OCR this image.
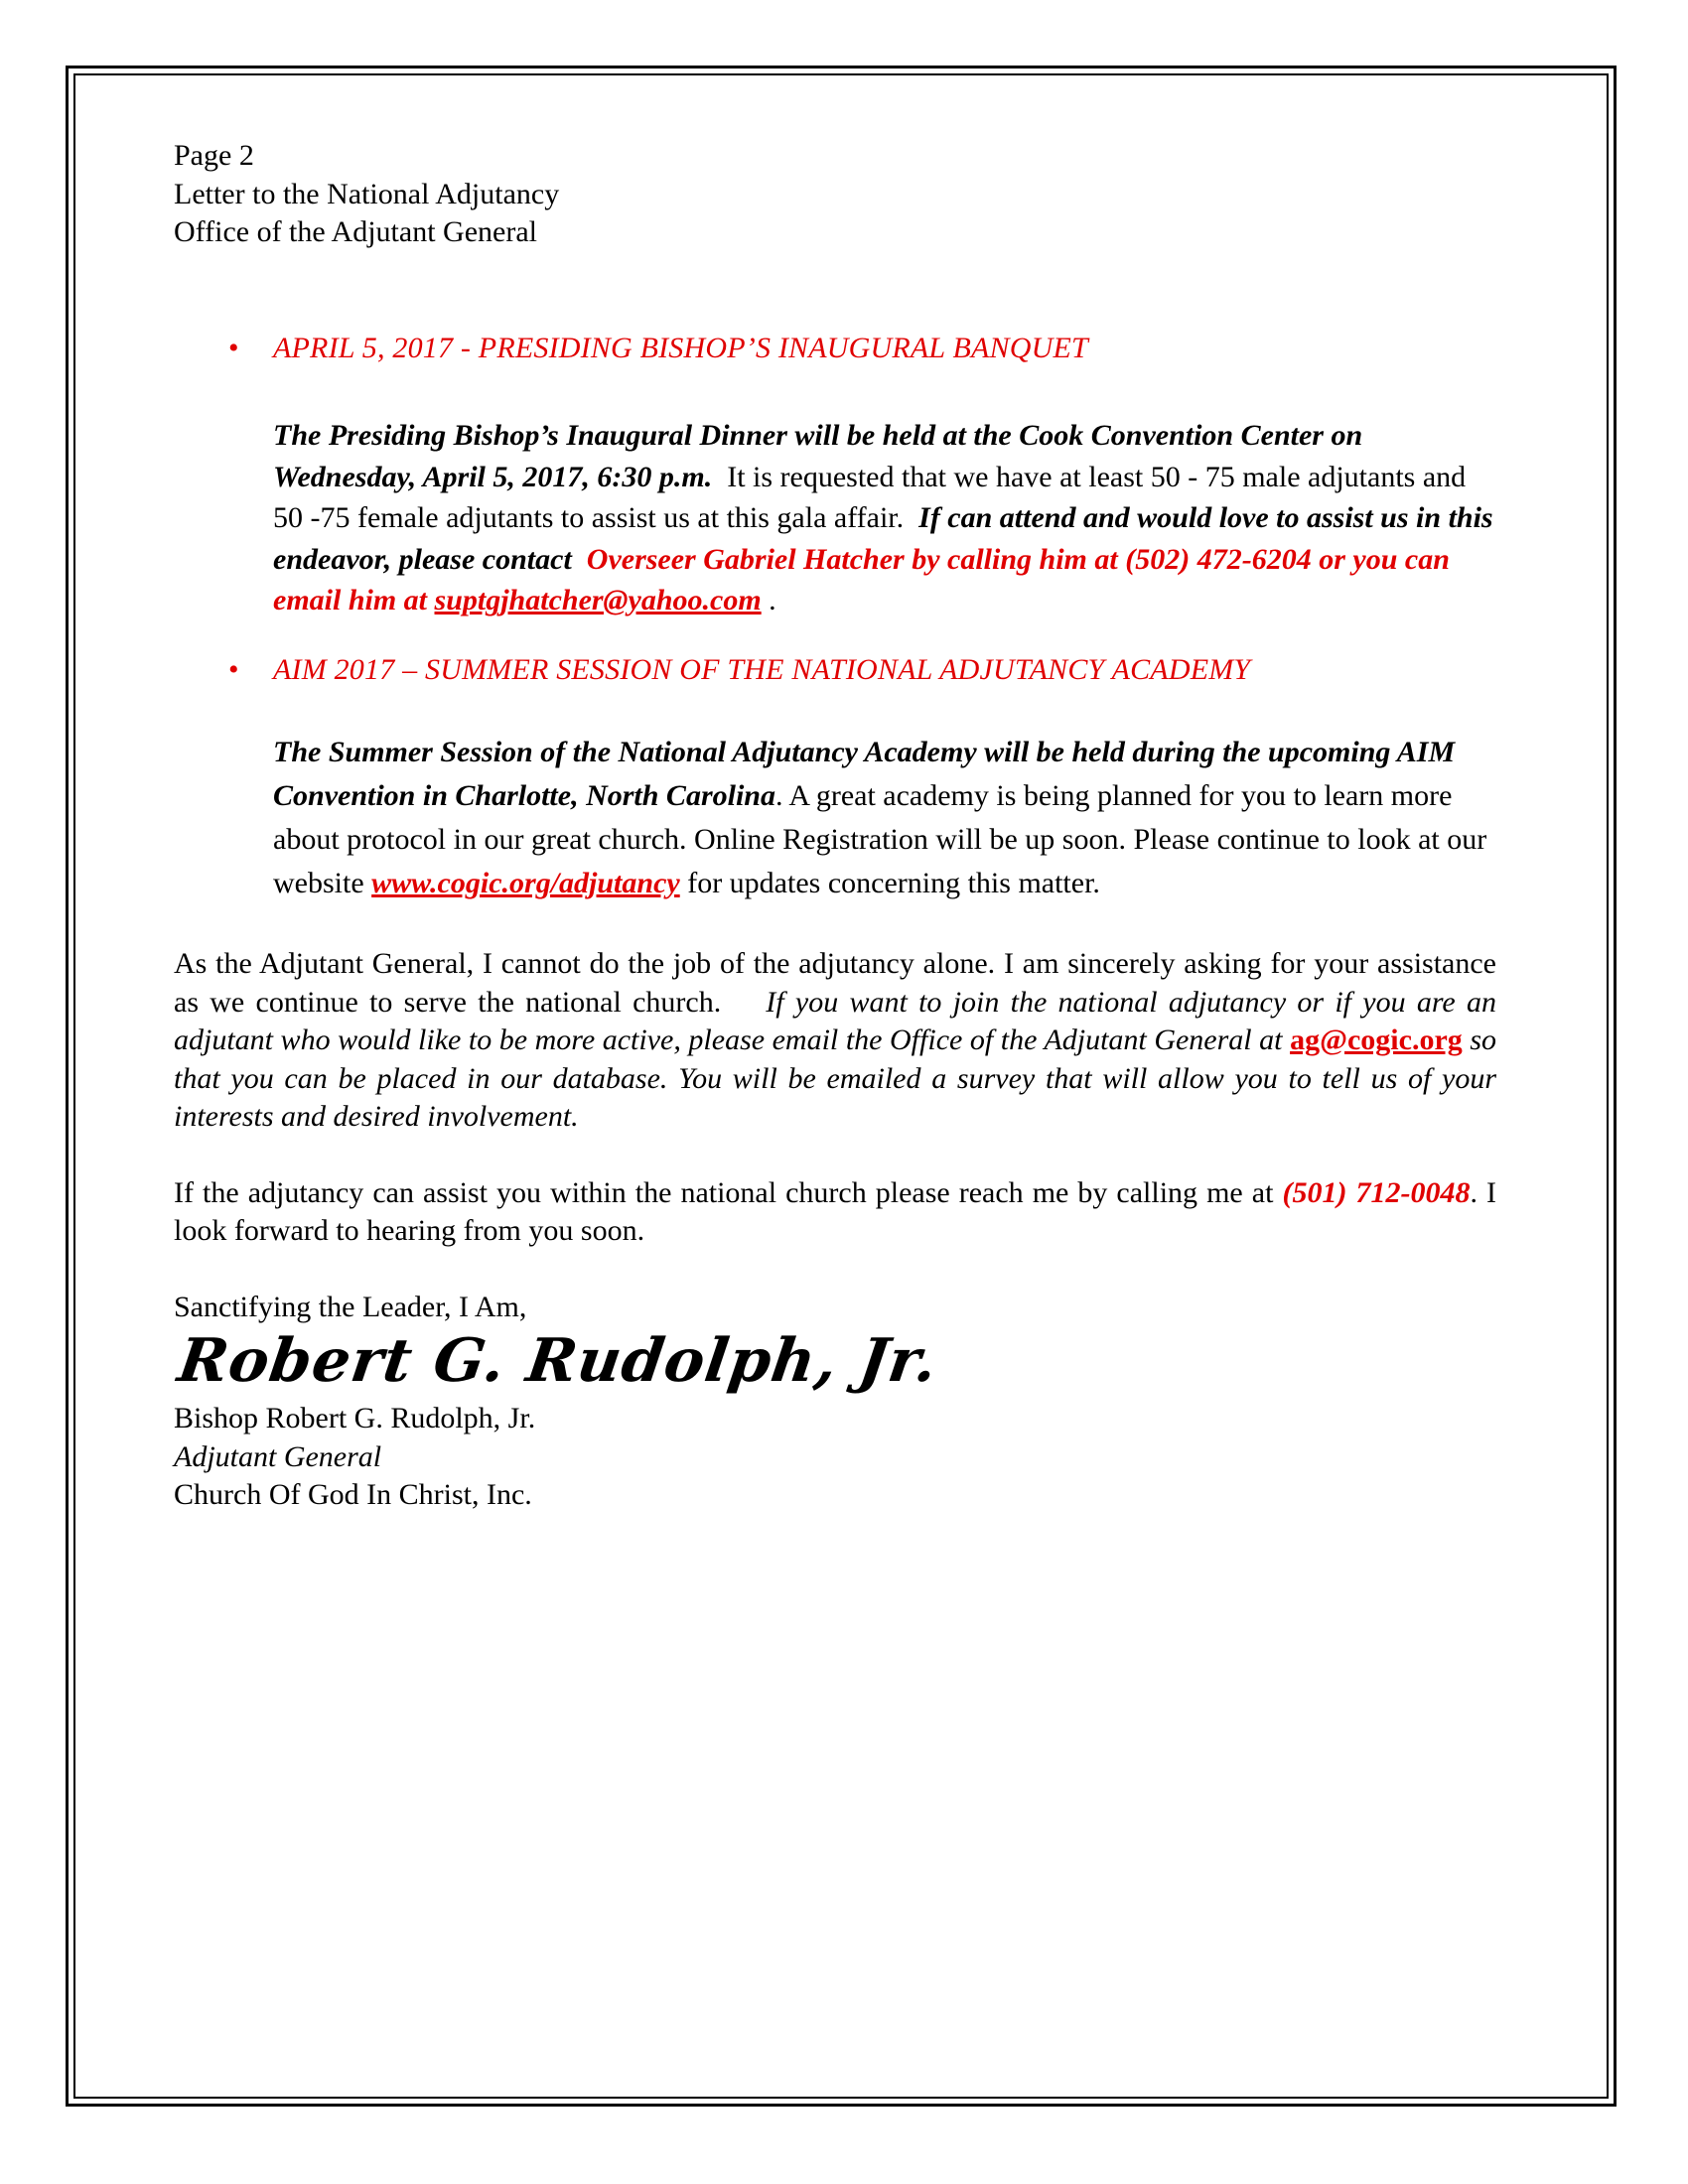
Page 2
Letter to the National Adjutancy
Office of the Adjutant General
• APRIL 5, 2017 - PRESIDING BISHOP’S INAUGURAL BANQUET
The Presiding Bishop’s Inaugural Dinner will be held at the Cook Convention Center on Wednesday, April 5, 2017, 6:30 p.m. It is requested that we have at least 50 - 75 male adjutants and 50 -75 female adjutants to assist us at this gala affair. If can attend and would love to assist us in this endeavor, please contact Overseer Gabriel Hatcher by calling him at (502) 472-6204 or you can email him at suptgjhatcher@yahoo.com .
• AIM 2017 – SUMMER SESSION OF THE NATIONAL ADJUTANCY ACADEMY
The Summer Session of the National Adjutancy Academy will be held during the upcoming AIM Convention in Charlotte, North Carolina. A great academy is being planned for you to learn more about protocol in our great church. Online Registration will be up soon. Please continue to look at our website www.cogic.org/adjutancy for updates concerning this matter.
As the Adjutant General, I cannot do the job of the adjutancy alone. I am sincerely asking for your assistance as we continue to serve the national church. If you want to join the national adjutancy or if you are an adjutant who would like to be more active, please email the Office of the Adjutant General at ag@cogic.org so that you can be placed in our database. You will be emailed a survey that will allow you to tell us of your interests and desired involvement.
If the adjutancy can assist you within the national church please reach me by calling me at (501) 712-0048. I look forward to hearing from you soon.
Sanctifying the Leader, I Am,
Robert G. Rudolph, Jr.
Bishop Robert G. Rudolph, Jr.
Adjutant General
Church Of God In Christ, Inc.
